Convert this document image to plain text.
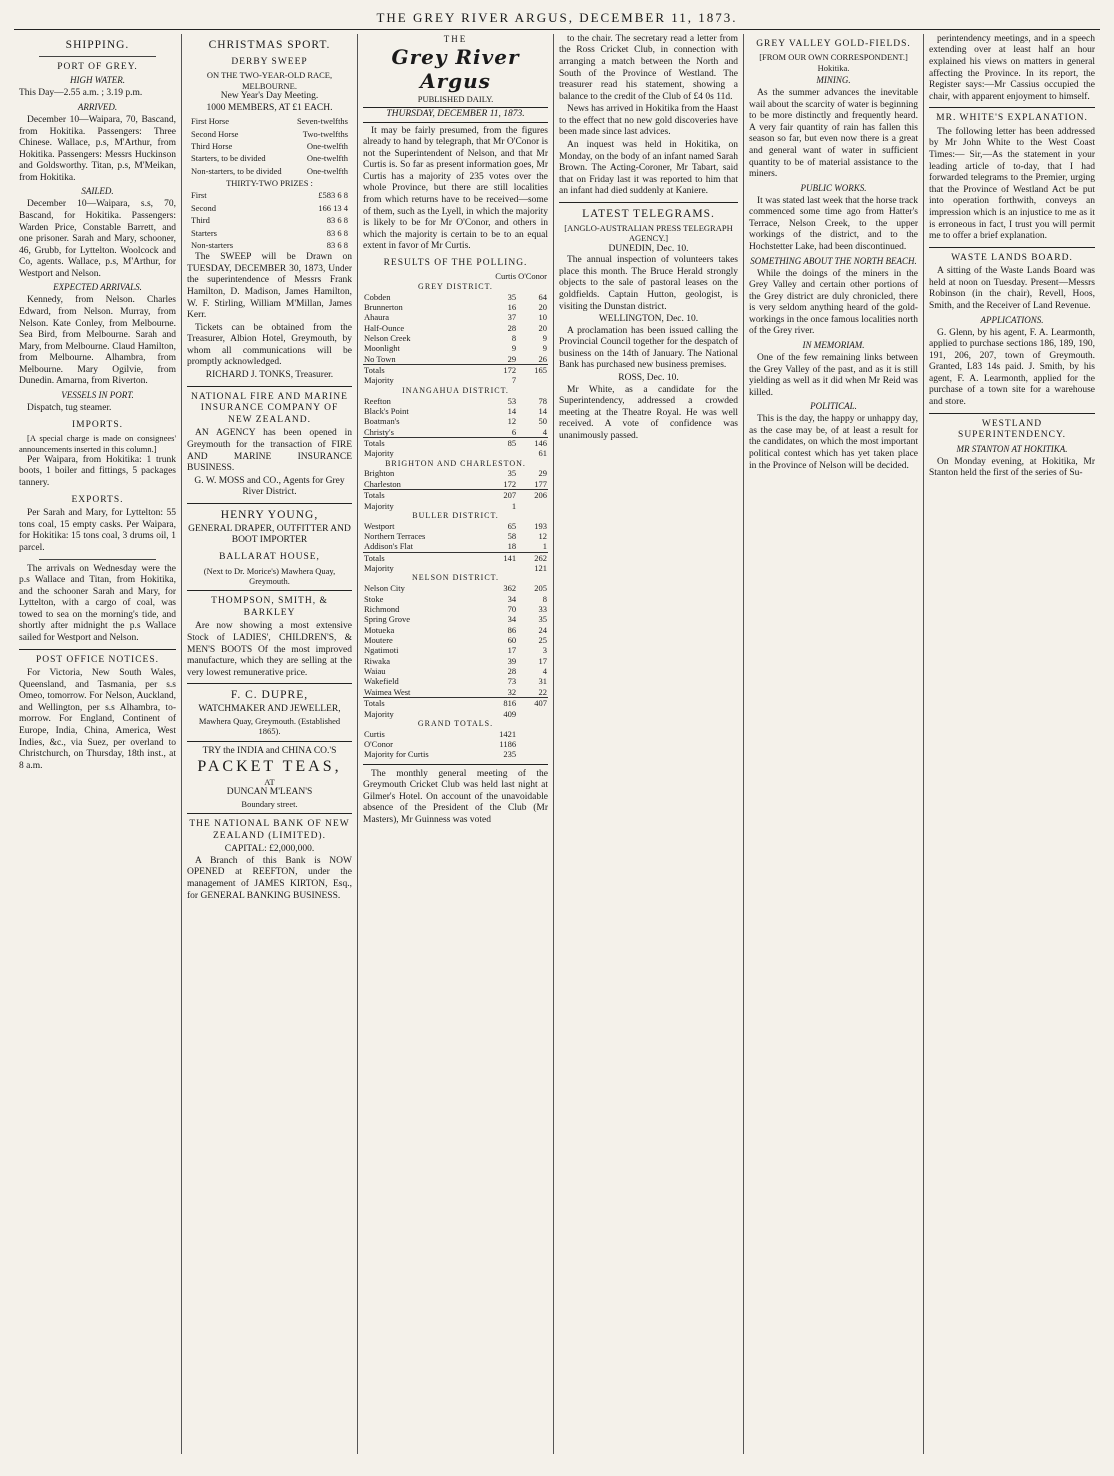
THE GREY RIVER ARGUS, DECEMBER 11, 1873.
SHIPPING.
PORT OF GREY.
HIGH WATER.

This Day—2.55 a.m. ; 3.19 p.m.

ARRIVED.

December 10—Waipara, 70, Bascand, from Hokitika. Passengers: Three Chinese. Wallace, p.s, M'Arthur, from Hokitika. Passengers: Messrs Huckinson and Goldsworthy. Titan, p.s, M'Meikan, from Hokitika.

SAILED.

December 10—Waipara, s.s, 70, Bascand, for Hokitika. Passengers: Warden Price, Constable Barrett, and one prisoner. Sarah and Mary, schooner, 46, Grubb, for Lyttelton. Woolcock and Co, agents. Wallace, p.s, M'Arthur, for Westport and Nelson.

EXPECTED ARRIVALS.

Kennedy, from Nelson. Charles Edward, from Nelson. Murray, from Nelson. Kate Conley, from Melbourne. Sea Bird, from Melbourne. Sarah and Mary, from Melbourne. Claud Hamilton, from Melbourne. Alhambra, from Melbourne. Mary Ogilvie, from Dunedin. Amarna, from Riverton.

VESSELS IN PORT.

Dispatch, tug steamer.

IMPORTS.

[A special charge is made on consignees' announcements inserted in this column.]

Per Waipara, from Hokitika: 1 trunk boots, 1 boiler and fittings, 5 packages tannery.

EXPORTS.

Per Sarah and Mary, for Lyttelton: 55 tons coal, 15 empty casks. Per Waipara, for Hokitika: 15 tons coal, 3 drums oil, 1 parcel.

The arrivals on Wednesday were the p.s Wallace and Titan, from Hokitika, and the schooner Sarah and Mary, for Lyttelton, with a cargo of coal, was towed to sea on the morning's tide, and shortly after midnight the p.s Wallace sailed for Westport and Nelson.

POST OFFICE NOTICES.

For Victoria, New South Wales, Queensland, and Tasmania, per s.s Omeo, tomorrow. For Nelson, Auckland, and Wellington, per s.s Alhambra, to-morrow. For England, Continent of Europe, India, China, America, West Indies, &c., via Suez, per overland to Christchurch, on Thursday, 18th inst., at 8 a.m.

CHRISTMAS SPORT.
DERBY SWEEP
ON THE TWO-YEAR-OLD RACE, MELBOURNE.
New Year's Day Meeting.
1000 MEMBERS, AT £1 EACH.
First Horse	Seven-twelfths
Second Horse	Two-twelfths
Third Horse	One-twelfth
Starters, to be divided	One-twelfth
Non-starters, to be divided	One-twelfth
THIRTY-TWO PRIZES :
First	£583 6 8
Second	166 13 4
Third	83 6 8
Starters	83 6 8
Non-starters	83 6 8

The SWEEP will be Drawn on TUESDAY, DECEMBER 30, 1873, Under the superintendence of Messrs Frank Hamilton, D. Madison, James Hamilton, W. F. Stirling, William M'Millan, James Kerr.

Tickets can be obtained from the Treasurer, Albion Hotel, Greymouth, by whom all communications will be promptly acknowledged.

RICHARD J. TONKS, Treasurer.
NATIONAL FIRE AND MARINE INSURANCE COMPANY OF NEW ZEALAND.

AN AGENCY has been opened in Greymouth for the transaction of FIRE AND MARINE INSURANCE BUSINESS.

G. W. MOSS and CO., Agents for Grey River District.
HENRY YOUNG,
GENERAL DRAPER, OUTFITTER AND BOOT IMPORTER
BALLARAT HOUSE,
(Next to Dr. Morice's) Mawhera Quay, Greymouth.
THOMPSON, SMITH, & BARKLEY

Are now showing a most extensive Stock of LADIES', CHILDREN'S, & MEN'S BOOTS Of the most improved manufacture, which they are selling at the very lowest remunerative price.

F. C. DUPRE,
WATCHMAKER AND JEWELLER,
Mawhera Quay, Greymouth. (Established 1865).
TRY the INDIA and CHINA CO.'S
PACKET TEAS,
AT
DUNCAN M'LEAN'S
Boundary street.
THE NATIONAL BANK OF NEW ZEALAND (LIMITED).
CAPITAL: £2,000,000.

A Branch of this Bank is NOW OPENED at REEFTON, under the management of JAMES KIRTON, Esq., for GENERAL BANKING BUSINESS.

THE
Grey River Argus
PUBLISHED DAILY.
THURSDAY, DECEMBER 11, 1873.

It may be fairly presumed, from the figures already to hand by telegraph, that Mr O'Conor is not the Superintendent of Nelson, and that Mr Curtis is. So far as present information goes, Mr Curtis has a majority of 235 votes over the whole Province, but there are still localities from which returns have to be received—some of them, such as the Lyell, in which the majority is likely to be for Mr O'Conor, and others in which the majority is certain to be to an equal extent in favor of Mr Curtis.

RESULTS OF THE POLLING.
	Curtis	O'Conor
GREY DISTRICT.		
Cobden	35	64
Brunnerton	16	20
Ahaura	37	10
Half-Ounce	28	20
Nelson Creek	8	9
Moonlight	9	9
No Town	29	26
Totals	172	165
Majority	7	
INANGAHUA DISTRICT.		
Reefton	53	78
Black's Point	14	14
Boatman's	12	50
Christy's	6	4
Totals	85	146
Majority		61
BRIGHTON AND CHARLESTON.		
Brighton	35	29
Charleston	172	177
Totals	207	206
Majority	1	
BULLER DISTRICT.		
Westport	65	193
Northern Terraces	58	12
Addison's Flat	18	1
Totals	141	262
Majority		121
NELSON DISTRICT.		
Nelson City	362	205
Stoke	34	8
Richmond	70	33
Spring Grove	34	35
Motueka	86	24
Moutere	60	25
Ngatimoti	17	3
Riwaka	39	17
Waiau	28	4
Wakefield	73	31
Waimea West	32	22
Totals	816	407
Majority	409	
GRAND TOTALS.		
Curtis	1421	
O'Conor	1186	
Majority for Curtis	235	

The monthly general meeting of the Greymouth Cricket Club was held last night at Gilmer's Hotel. On account of the unavoidable absence of the President of the Club (Mr Masters), Mr Guinness was voted

to the chair. The secretary read a letter from the Ross Cricket Club, in connection with arranging a match between the North and South of the Province of Westland. The treasurer read his statement, showing a balance to the credit of the Club of £4 0s 11d.

News has arrived in Hokitika from the Haast to the effect that no new gold discoveries have been made since last advices.

An inquest was held in Hokitika, on Monday, on the body of an infant named Sarah Brown. The Acting-Coroner, Mr Tabart, said that on Friday last it was reported to him that an infant had died suddenly at Kaniere.

LATEST TELEGRAMS.
[ANGLO-AUSTRALIAN PRESS TELEGRAPH AGENCY.]
DUNEDIN, Dec. 10.

The annual inspection of volunteers takes place this month. The Bruce Herald strongly objects to the sale of pastoral leases on the goldfields. Captain Hutton, geologist, is visiting the Dunstan district.

WELLINGTON, Dec. 10.

A proclamation has been issued calling the Provincial Council together for the despatch of business on the 14th of January. The National Bank has purchased new business premises.

ROSS, Dec. 10.

Mr White, as a candidate for the Superintendency, addressed a crowded meeting at the Theatre Royal. He was well received. A vote of confidence was unanimously passed.

GREY VALLEY GOLD-FIELDS.
[FROM OUR OWN CORRESPONDENT.]
Hokitika.
MINING.

As the summer advances the inevitable wail about the scarcity of water is beginning to be more distinctly and frequently heard. A very fair quantity of rain has fallen this season so far, but even now there is a great and general want of water in sufficient quantity to be of material assistance to the miners.

PUBLIC WORKS.

It was stated last week that the horse track commenced some time ago from Hatter's Terrace, Nelson Creek, to the upper workings of the district, and to the Hochstetter Lake, had been discontinued.

SOMETHING ABOUT THE NORTH BEACH.

While the doings of the miners in the Grey Valley and certain other portions of the Grey district are duly chronicled, there is very seldom anything heard of the gold-workings in the once famous localities north of the Grey river.

IN MEMORIAM.

One of the few remaining links between the Grey Valley of the past, and as it is still yielding as well as it did when Mr Reid was killed.

POLITICAL.

This is the day, the happy or unhappy day, as the case may be, of at least a result for the candidates, on which the most important political contest which has yet taken place in the Province of Nelson will be decided.

perintendency meetings, and in a speech extending over at least half an hour explained his views on matters in general affecting the Province. In its report, the Register says:—Mr Cassius occupied the chair, with apparent enjoyment to himself.

MR. WHITE'S EXPLANATION.

The following letter has been addressed by Mr John White to the West Coast Times:— Sir,—As the statement in your leading article of to-day, that I had forwarded telegrams to the Premier, urging that the Province of Westland Act be put into operation forthwith, conveys an impression which is an injustice to me as it is erroneous in fact, I trust you will permit me to offer a brief explanation.

WASTE LANDS BOARD.

A sitting of the Waste Lands Board was held at noon on Tuesday. Present—Messrs Robinson (in the chair), Revell, Hoos, Smith, and the Receiver of Land Revenue.

APPLICATIONS.

G. Glenn, by his agent, F. A. Learmonth, applied to purchase sections 186, 189, 190, 191, 206, 207, town of Greymouth. Granted, L83 14s paid. J. Smith, by his agent, F. A. Learmonth, applied for the purchase of a town site for a warehouse and store.

WESTLAND SUPERINTENDENCY.
MR STANTON AT HOKITIKA.

On Monday evening, at Hokitika, Mr Stanton held the first of the series of Su-
